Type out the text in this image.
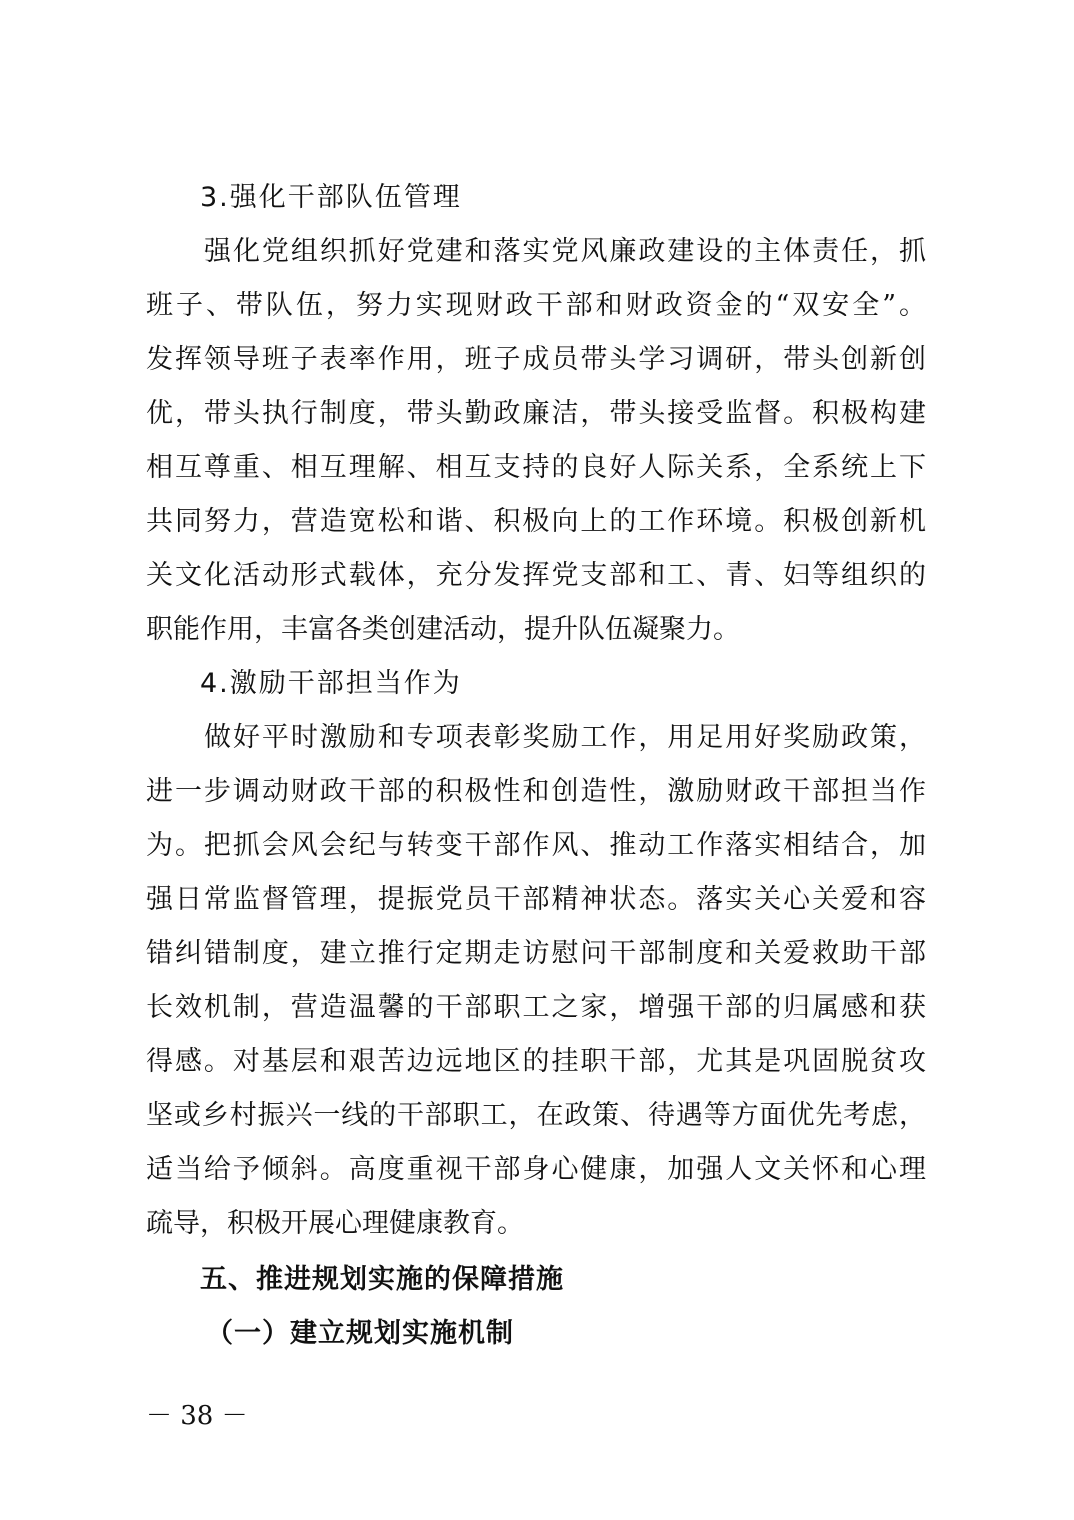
3.强化干部队伍管理
强化党组织抓好党建和落实党风廉政建设的主体责任，抓
班子、带队伍，努力实现财政干部和财政资金的“双安全”。
发挥领导班子表率作用，班子成员带头学习调研，带头创新创
优，带头执行制度，带头勤政廉洁，带头接受监督。积极构建
相互尊重、相互理解、相互支持的良好人际关系，全系统上下
共同努力，营造宽松和谐、积极向上的工作环境。积极创新机
关文化活动形式载体，充分发挥党支部和工、青、妇等组织的
职能作用，丰富各类创建活动，提升队伍凝聚力。
4.激励干部担当作为
做好平时激励和专项表彰奖励工作，用足用好奖励政策，
进一步调动财政干部的积极性和创造性，激励财政干部担当作
为。把抓会风会纪与转变干部作风、推动工作落实相结合，加
强日常监督管理，提振党员干部精神状态。落实关心关爱和容
错纠错制度，建立推行定期走访慰问干部制度和关爱救助干部
长效机制，营造温馨的干部职工之家，增强干部的归属感和获
得感。对基层和艰苦边远地区的挂职干部，尤其是巩固脱贫攻
坚或乡村振兴一线的干部职工，在政策、待遇等方面优先考虑，
适当给予倾斜。高度重视干部身心健康，加强人文关怀和心理
疏导，积极开展心理健康教育。
五、推进规划实施的保障措施
（一）建立规划实施机制
－ 38 －
